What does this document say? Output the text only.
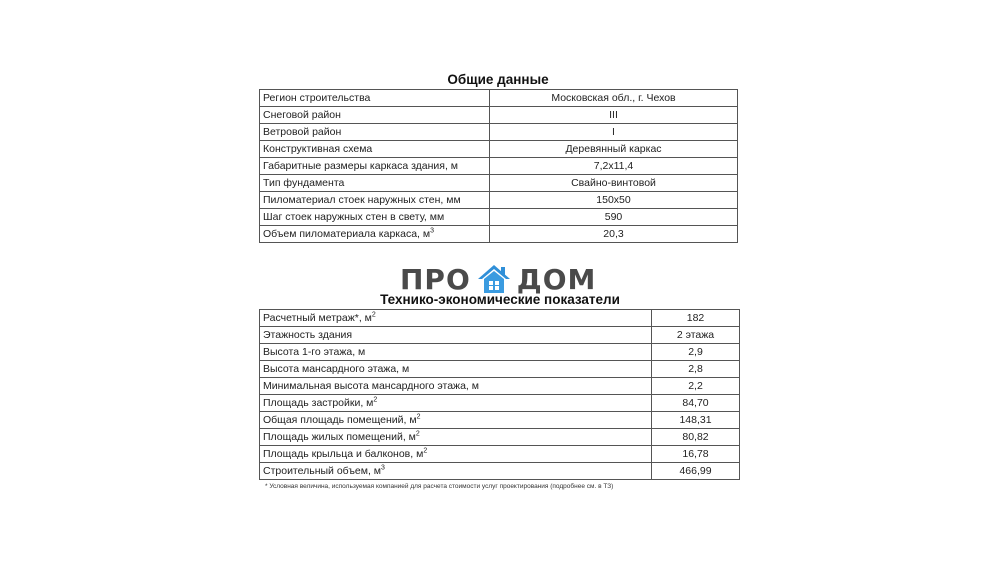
Общие данные
Регион строительства	Московская обл., г. Чехов
Снеговой район	III
Ветровой район	I
Конструктивная схема	Деревянный каркас
Габаритные размеры каркаса здания, м	7,2x11,4
Тип фундамента	Свайно-винтовой
Пиломатериал стоек наружных стен, мм	150x50
Шаг стоек наружных стен в свету, мм	590
Объем пиломатериала каркаса, $м^3$	20,3
ПРО ДОМ
Технико-экономические показатели
Расчетный метраж*, $м^2$	182
Этажность здания	2 этажа
Высота 1-го этажа, м	2,9
Высота мансардного этажа, м	2,8
Минимальная высота мансардного этажа, м	2,2
Площадь застройки, $м^2$	84,70
Общая площадь помещений, $м^2$	148,31
Площадь жилых помещений, $м^2$	80,82
Площадь крыльца и балконов, $м^2$	16,78
Строительный объем, $м^3$	466,99
* Условная величина, используемая компанией для расчета стоимости услуг проектирования (подробнее см. в ТЗ)
